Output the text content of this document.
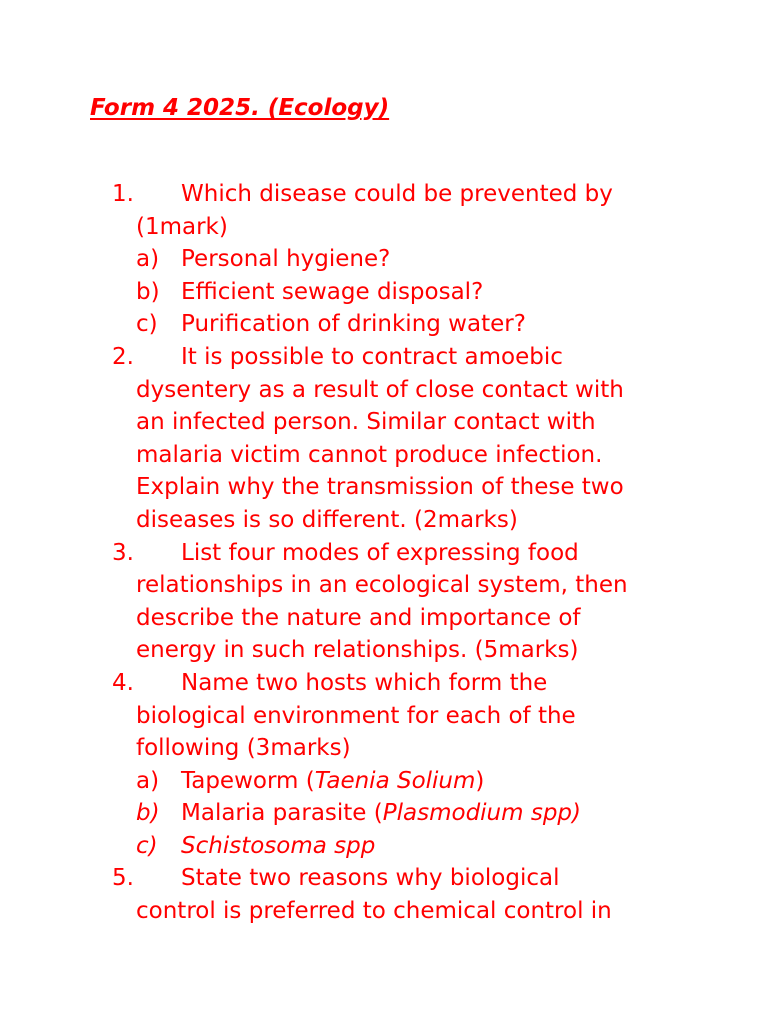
Form 4 2025. (Ecology)
1. Which disease could be prevented by
(1mark)
a) Personal hygiene?
b) Efficient sewage disposal?
c) Purification of drinking water?
2. It is possible to contract amoebic
dysentery as a result of close contact with
an infected person. Similar contact with
malaria victim cannot produce infection.
Explain why the transmission of these two
diseases is so different. (2marks)
3. List four modes of expressing food
relationships in an ecological system, then
describe the nature and importance of
energy in such relationships. (5marks)
4. Name two hosts which form the
biological environment for each of the
following (3marks)
a) Tapeworm (Taenia Solium)
b) Malaria parasite (Plasmodium spp)
c) Schistosoma spp
5. State two reasons why biological
control is preferred to chemical control in
